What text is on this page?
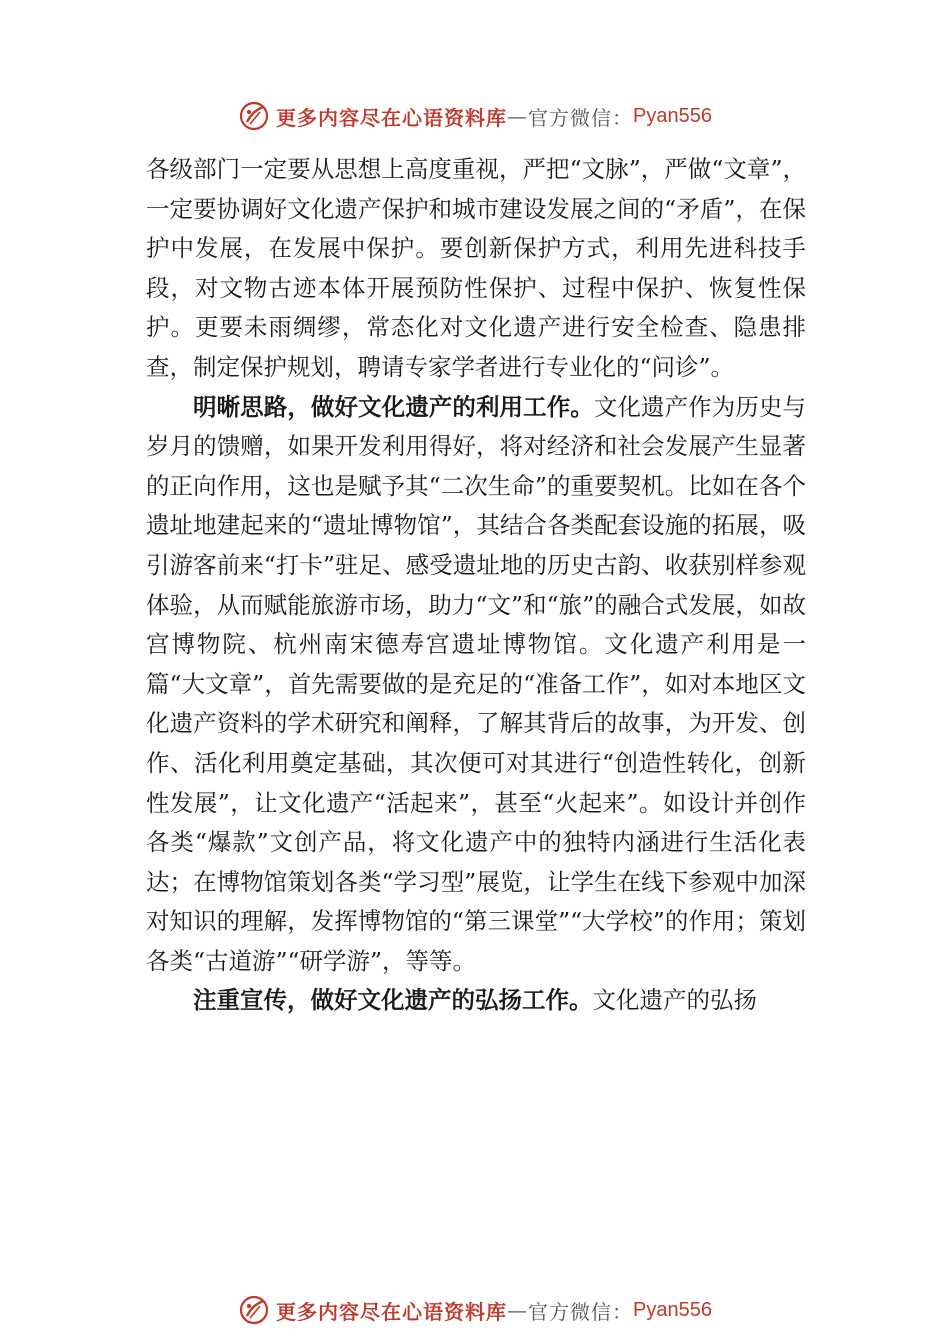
更多内容尽在心语资料库 — 官方微信： Pyan556

各级部门一定要从思想上高度重视，严把“文脉”，严做“文章”，一定要协调好文化遗产保护和城市建设发展之间的“矛盾”，在保护中发展，在发展中保护。要创新保护方式，利用先进科技手段，对文物古迹本体开展预防性保护、过程中保护、恢复性保护。更要未雨绸缪，常态化对文化遗产进行安全检查、隐患排查，制定保护规划，聘请专家学者进行专业化的“问诊”。

明晰思路，做好文化遗产的利用工作。文化遗产作为历史与岁月的馈赠，如果开发利用得好，将对经济和社会发展产生显著的正向作用，这也是赋予其“二次生命”的重要契机。比如在各个遗址地建起来的“遗址博物馆”，其结合各类配套设施的拓展，吸引游客前来“打卡”驻足、感受遗址地的历史古韵、收获别样参观体验，从而赋能旅游市场，助力“文”和“旅”的融合式发展，如故宫博物院、杭州南宋德寿宫遗址博物馆。文化遗产利用是一篇“大文章”，首先需要做的是充足的“准备工作”，如对本地区文化遗产资料的学术研究和阐释，了解其背后的故事，为开发、创作、活化利用奠定基础，其次便可对其进行“创造性转化，创新性发展”，让文化遗产“活起来”，甚至“火起来”。如设计并创作各类“爆款”文创产品，将文化遗产中的独特内涵进行生活化表达；在博物馆策划各类“学习型”展览，让学生在线下参观中加深对知识的理解，发挥博物馆的“第三课堂”“大学校”的作用；策划各类“古道游”“研学游”，等等。

注重宣传，做好文化遗产的弘扬工作。文化遗产的弘扬

更多内容尽在心语资料库 — 官方微信： Pyan556
